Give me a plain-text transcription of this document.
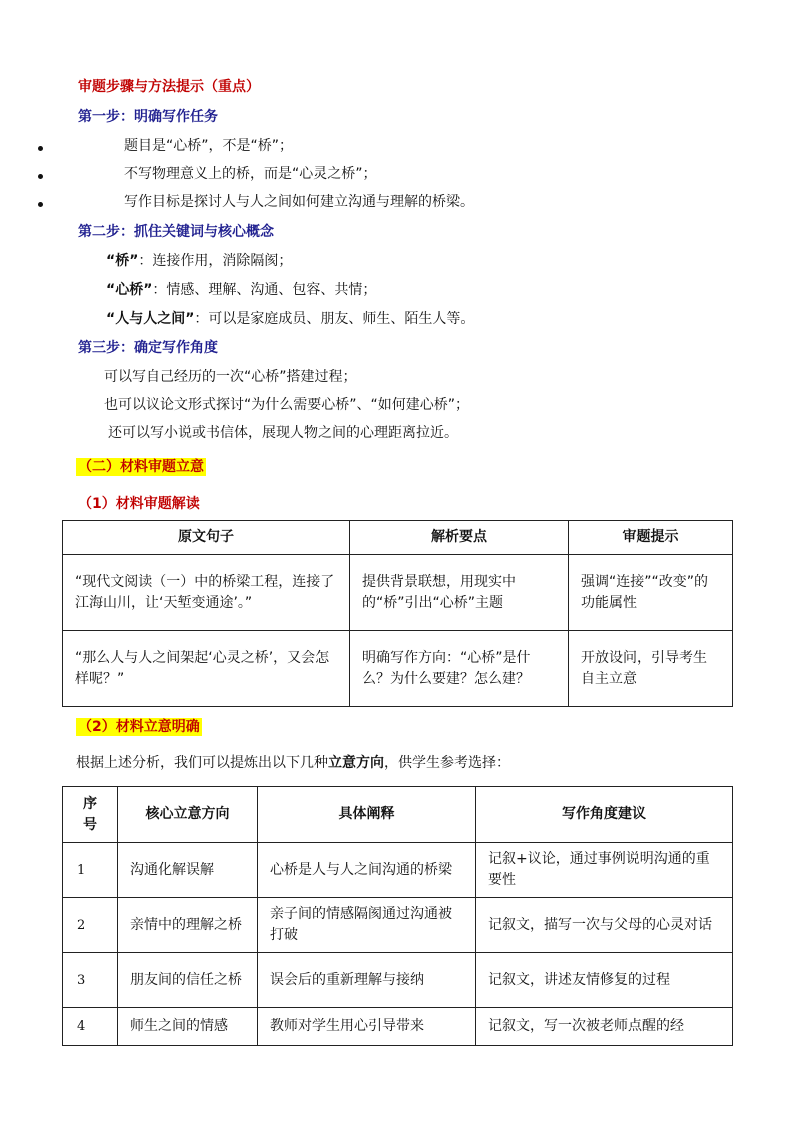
审题步骤与方法提示（重点）
第一步：明确写作任务
题目是“心桥”，不是“桥”；
不写物理意义上的桥，而是“心灵之桥”；
写作目标是探讨人与人之间如何建立沟通与理解的桥梁。
第二步：抓住关键词与核心概念
“桥”：连接作用，消除隔阂；
“心桥”：情感、理解、沟通、包容、共情；
“人与人之间”：可以是家庭成员、朋友、师生、陌生人等。
第三步：确定写作角度
可以写自己经历的一次“心桥”搭建过程；
也可以议论文形式探讨“为什么需要心桥”、“如何建心桥”；
还可以写小说或书信体，展现人物之间的心理距离拉近。
（二）材料审题立意
（1）材料审题解读
原文句子	解析要点	审题提示
“现代文阅读（一）中的桥梁工程，连接了江海山川，让‘天堑变通途’。”	提供背景联想，用现实中的“桥”引出“心桥”主题	强调“连接”“改变”的功能属性
“那么人与人之间架起‘心灵之桥’，又会怎样呢？”	明确写作方向：“心桥”是什么？为什么要建？怎么建？	开放设问，引导考生自主立意
（2）材料立意明确
根据上述分析，我们可以提炼出以下几种立意方向，供学生参考选择：
序号	核心立意方向	具体阐释	写作角度建议
1	沟通化解误解	心桥是人与人之间沟通的桥梁	记叙+议论，通过事例说明沟通的重要性
2	亲情中的理解之桥	亲子间的情感隔阂通过沟通被打破	记叙文，描写一次与父母的心灵对话
3	朋友间的信任之桥	误会后的重新理解与接纳	记叙文，讲述友情修复的过程
4	师生之间的情感	教师对学生用心引导带来	记叙文，写一次被老师点醒的经
